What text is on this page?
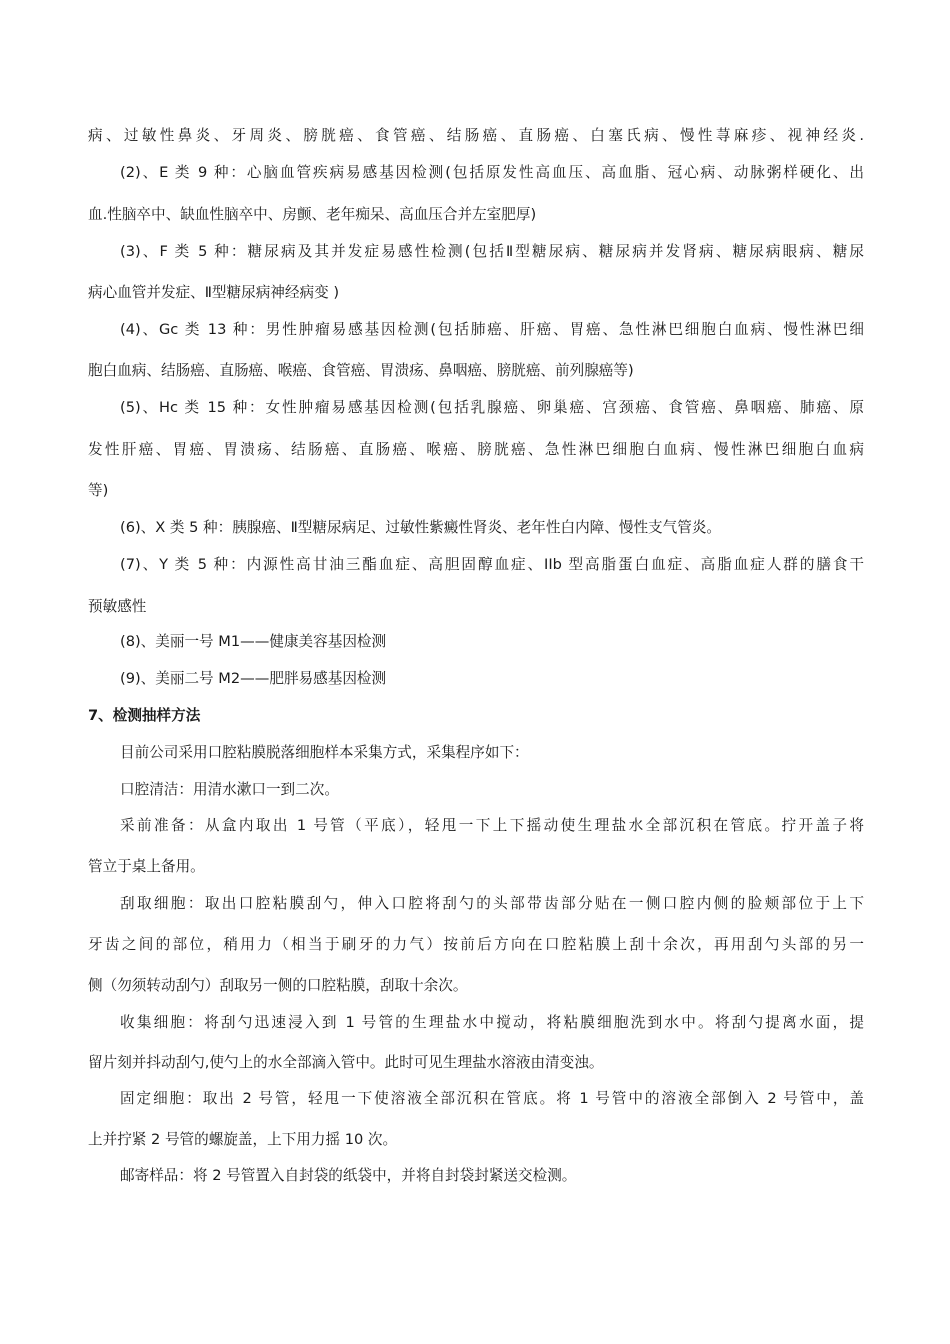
病、过敏性鼻炎、牙周炎、膀胱癌、食管癌、结肠癌、直肠癌、白塞氏病、慢性荨麻疹、视神经炎.
(2)、E 类 9 种：心脑血管疾病易感基因检测(包括原发性高血压、高血脂、冠心病、动脉粥样硬化、出
血.性脑卒中、缺血性脑卒中、房颤、老年痴呆、高血压合并左室肥厚)
(3)、F 类 5 种：糖尿病及其并发症易感性检测(包括Ⅱ型糖尿病、糖尿病并发肾病、糖尿病眼病、糖尿
病心血管并发症、Ⅱ型糖尿病神经病变 )
(4)、Gc 类 13 种：男性肿瘤易感基因检测(包括肺癌、肝癌、胃癌、急性淋巴细胞白血病、慢性淋巴细
胞白血病、结肠癌、直肠癌、喉癌、食管癌、胃溃疡、鼻咽癌、膀胱癌、前列腺癌等)
(5)、Hc 类 15 种：女性肿瘤易感基因检测(包括乳腺癌、卵巢癌、宫颈癌、食管癌、鼻咽癌、肺癌、原
发性肝癌、胃癌、胃溃疡、结肠癌、直肠癌、喉癌、膀胱癌、急性淋巴细胞白血病、慢性淋巴细胞白血病
等)
(6)、X 类 5 种：胰腺癌、Ⅱ型糖尿病足、过敏性紫癜性肾炎、老年性白内障、慢性支气管炎。
(7)、Y 类 5 种：内源性高甘油三酯血症、高胆固醇血症、IIb 型高脂蛋白血症、高脂血症人群的膳食干
预敏感性
(8)、美丽一号 M1——健康美容基因检测
(9)、美丽二号 M2——肥胖易感基因检测
7、检测抽样方法
目前公司采用口腔粘膜脱落细胞样本采集方式，采集程序如下：
口腔清洁：用清水漱口一到二次。
采前准备：从盒内取出 1 号管（平底），轻甩一下上下摇动使生理盐水全部沉积在管底。拧开盖子将
管立于桌上备用。
刮取细胞：取出口腔粘膜刮勺，伸入口腔将刮勺的头部带齿部分贴在一侧口腔内侧的脸颊部位于上下
牙齿之间的部位，稍用力（相当于刷牙的力气）按前后方向在口腔粘膜上刮十余次，再用刮勺头部的另一
侧（勿须转动刮勺）刮取另一侧的口腔粘膜，刮取十余次。
收集细胞：将刮勺迅速浸入到 1 号管的生理盐水中搅动，将粘膜细胞洗到水中。将刮勺提离水面，提
留片刻并抖动刮勺,使勺上的水全部滴入管中。此时可见生理盐水溶液由清变浊。
固定细胞：取出 2 号管，轻甩一下使溶液全部沉积在管底。将 1 号管中的溶液全部倒入 2 号管中，盖
上并拧紧 2 号管的螺旋盖，上下用力摇 10 次。
邮寄样品：将 2 号管置入自封袋的纸袋中，并将自封袋封紧送交检测。
